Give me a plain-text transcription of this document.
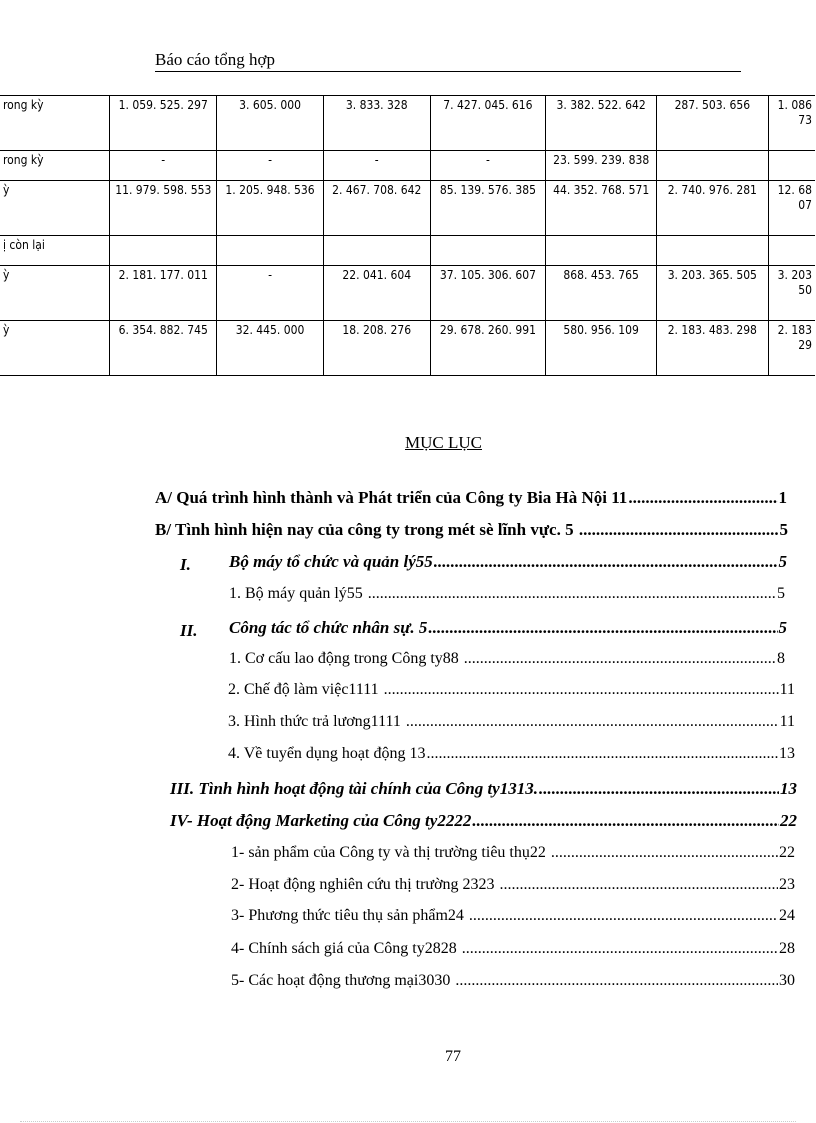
Báo cáo tổng hợp
rong kỳ	1. 059. 525. 297	3. 605. 000	3. 833. 328	7. 427. 045. 616	3. 382. 522. 642	287. 503. 656	1. 086
73

rong kỳ	-	-	-	-	23. 599. 239. 838		
ỳ	11. 979. 598. 553	1. 205. 948. 536	2. 467. 708. 642	85. 139. 576. 385	44. 352. 768. 571	2. 740. 976. 281	12. 68
07

ị còn lại							
ỳ	2. 181. 177. 011	-	22. 041. 604	37. 105. 306. 607	868. 453. 765	3. 203. 365. 505	3. 203
50

ỳ	6. 354. 882. 745	32. 445. 000	18. 208. 276	29. 678. 260. 991	580. 956. 109	2. 183. 483. 298	2. 183
29
MỤC LỤC
A/ Quá trình hình thành và Phát triển của Công ty Bia Hà Nội 11 .....	1
B/ Tình hình hiện nay của công ty trong mét sè lĩnh vực. 5 .....	5
I. Bộ máy tổ chức và quản lý55 .....	5
1. Bộ máy quản lý55 .....	5
II. Công tác tổ chức nhân sự. 5 .....	5
1. Cơ cấu lao động trong Công ty88 .....	8
2. Chế độ làm việc1111 .....	11
3. Hình thức trả lương1111 .....	11
4. Về tuyển dụng hoạt động 13 .....	13
III. Tình hình hoạt động tài chính của Công ty1313. .....	13
IV- Hoạt động Marketing của Công ty2222 .....	22
1- sản phẩm của Công ty và thị trường tiêu thụ22 .....	22
2- Hoạt động nghiên cứu thị trường 2323 .....	23
3- Phương thức tiêu thụ sản phẩm24 .....	24
4- Chính sách giá của Công ty2828 .....	28
5- Các hoạt động thương mại3030 .....	30
77
